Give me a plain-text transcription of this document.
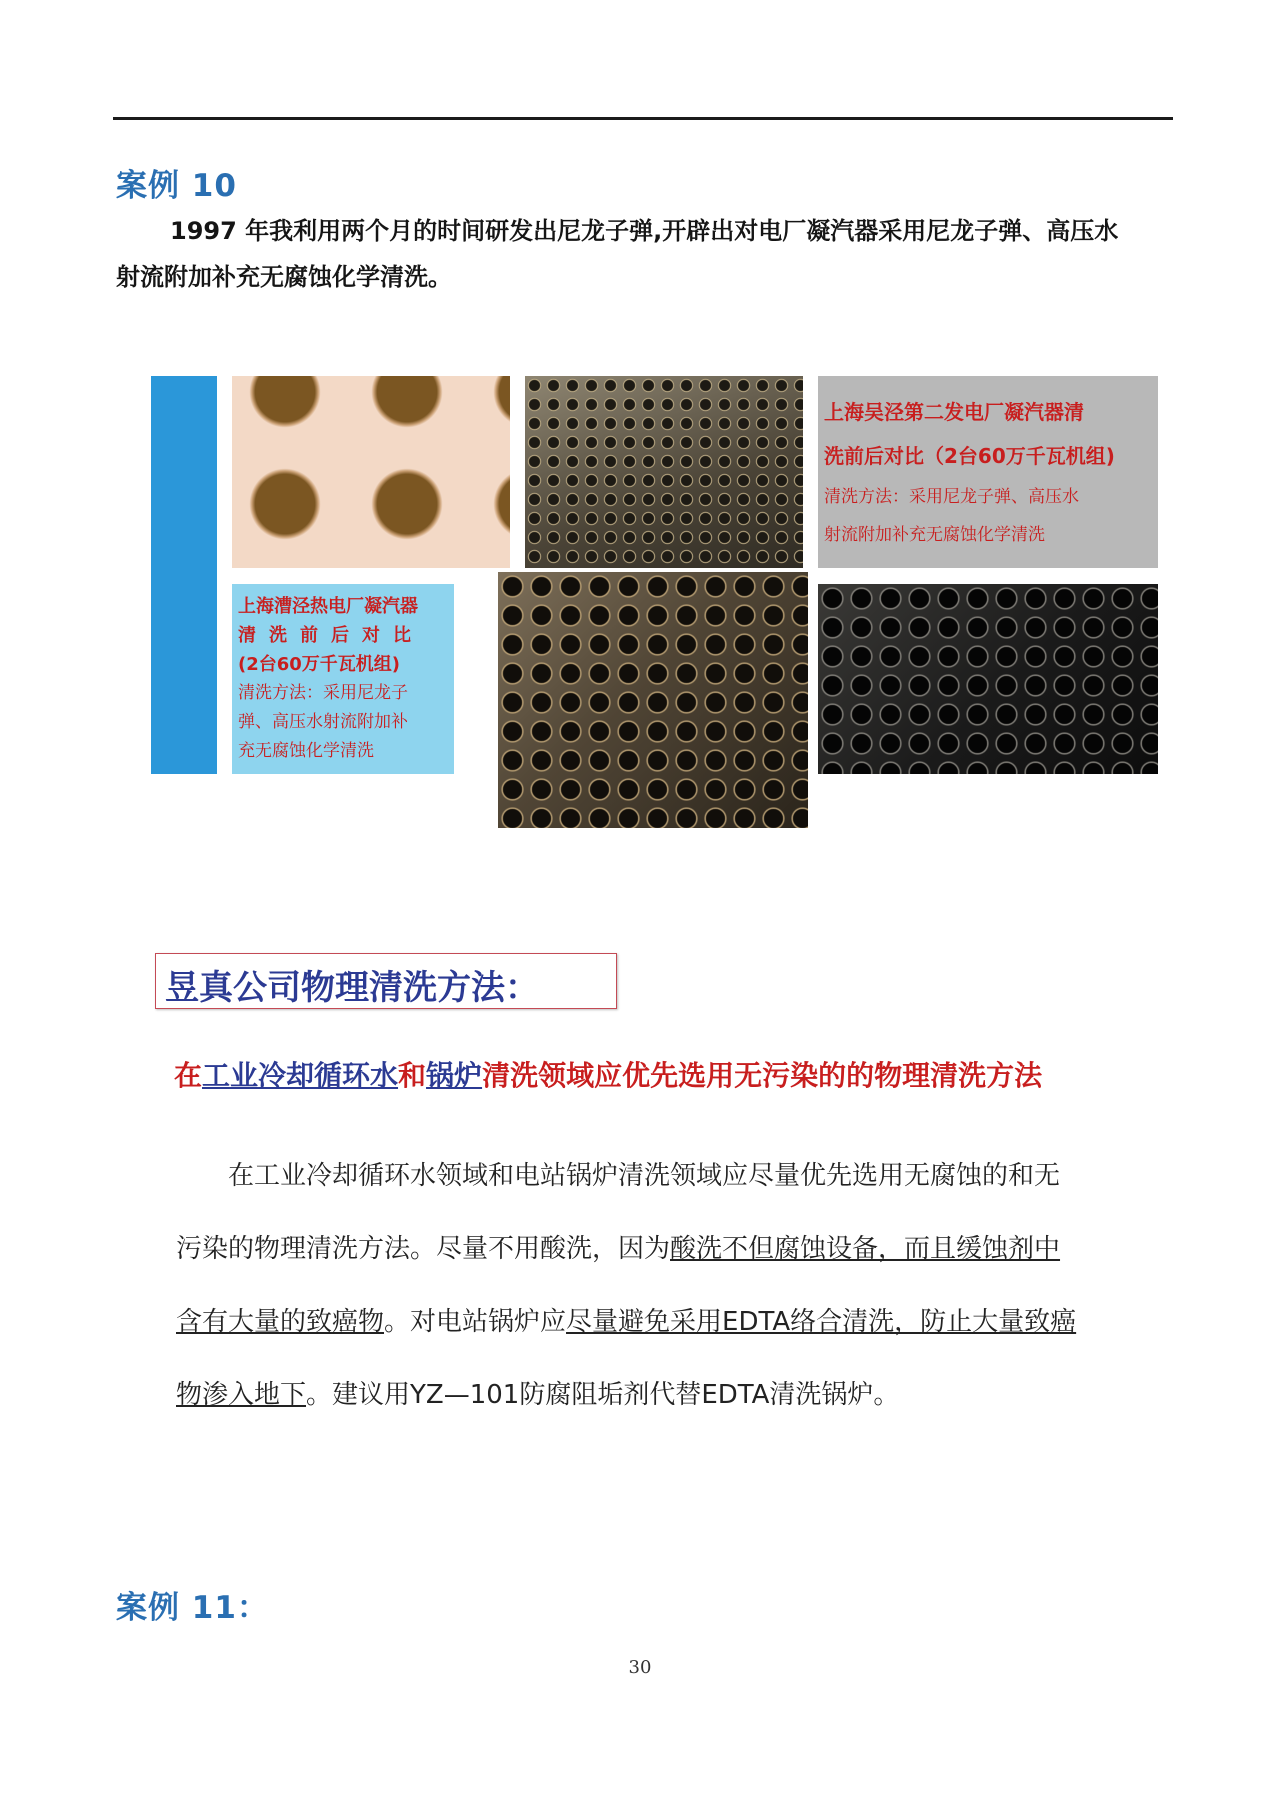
案例 10
1997 年我利用两个月的时间研发出尼龙子弹,开辟出对电厂凝汽器采用尼龙子弹、高压水
射流附加补充无腐蚀化学清洗。
上海吴泾第二发电厂凝汽器清
洗前后对比（2台60万千瓦机组)
清洗方法：采用尼龙子弹、高压水
射流附加补充无腐蚀化学清洗
上海漕泾热电厂凝汽器
清洗前后对比
(2台60万千瓦机组)
清洗方法：采用尼龙子
弹、高压水射流附加补
充无腐蚀化学清洗
昱真公司物理清洗方法：
在工业冷却循环水和锅炉清洗领域应优先选用无污染的的物理清洗方法
在工业冷却循环水领域和电站锅炉清洗领域应尽量优先选用无腐蚀的和无
污染的物理清洗方法。尽量不用酸洗，因为酸洗不但腐蚀设备，而且缓蚀剂中
含有大量的致癌物。对电站锅炉应尽量避免采用EDTA络合清洗，防止大量致癌
物渗入地下。建议用YZ—101防腐阻垢剂代替EDTA清洗锅炉。
案例 11：
30
